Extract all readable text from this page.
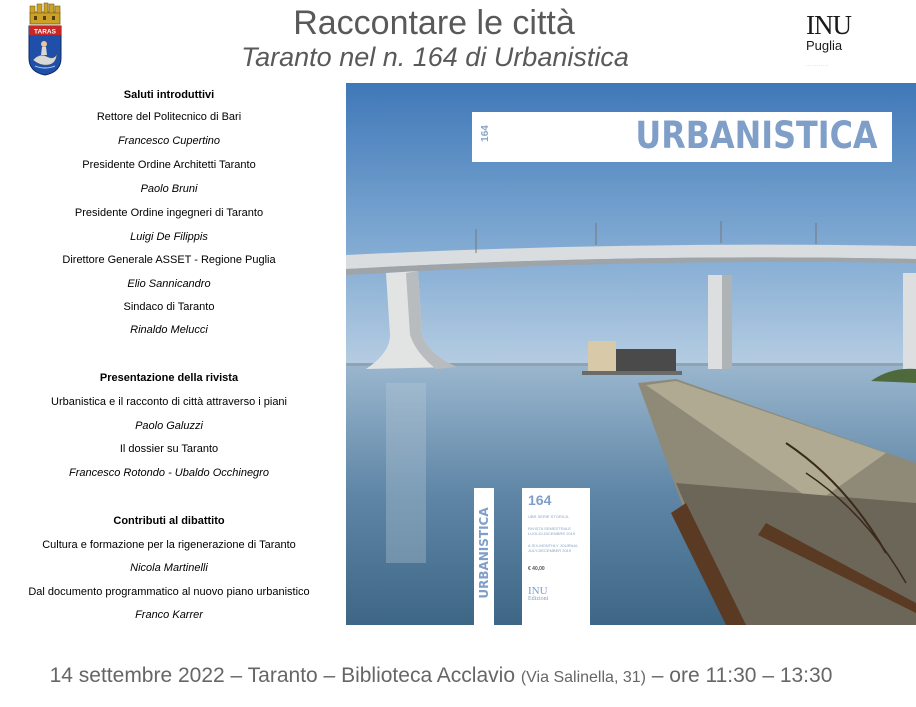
TARAS	Raccontare le città
Taranto nel n. 164 di Urbanistica
INU
Puglia
...........
Saluti introduttivi
Rettore del Politecnico di Bari
Francesco Cupertino
Presidente Ordine Architetti Taranto
Paolo Bruni
Presidente Ordine ingegneri di Taranto
Luigi De Filippis
Direttore Generale ASSET - Regione Puglia
Elio Sannicandro
Sindaco di Taranto
Rinaldo Melucci
Presentazione della rivista
Urbanistica e il racconto di città attraverso i piani
Paolo Galuzzi
Il dossier su Taranto
Francesco Rotondo - Ubaldo Occhinegro
Contributi al dibattito
Cultura e formazione per la rigenerazione di Taranto
Nicola Martinelli
Dal documento programmatico al nuovo piano urbanistico
Franco Karrer
164	URBANISTICA
URBANISTICA
164
UBR SERIE STORICA
RIVISTA SEMESTRALE
LUGLIO-DICEMBRE 2019
A SIX-MONTHLY JOURNAL
JULY-DECEMBER 2019
€ 40,00
INU
Edizioni
14 settembre 2022 – Taranto – Biblioteca Acclavio (Via Salinella, 31) – ore 11:30 – 13:30
